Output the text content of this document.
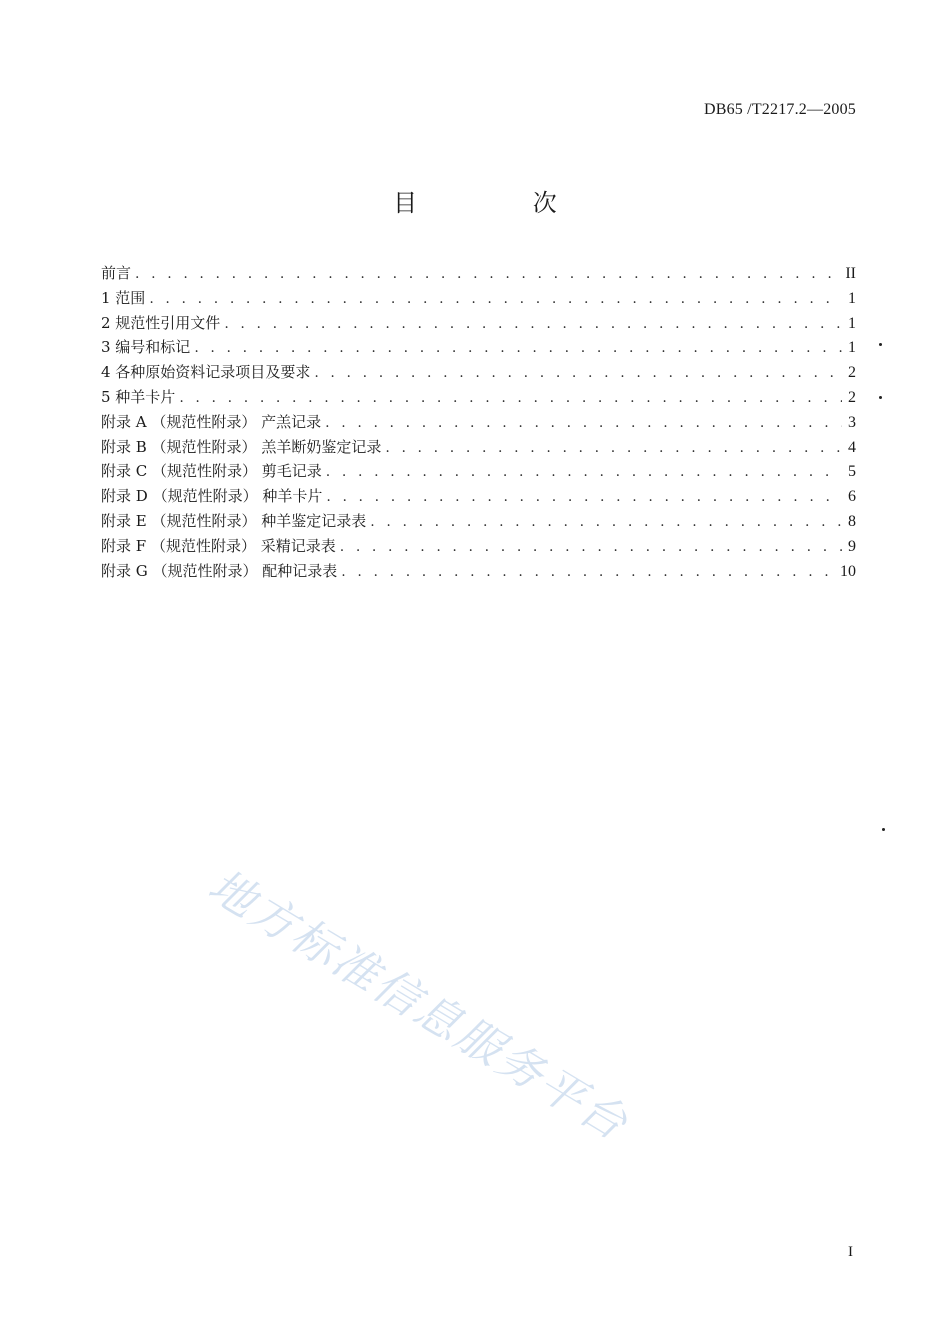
DB65 /T2217.2—2005
目 次
前言 . . .	II
1 范围 . . .	1
2 规范性引用文件 . . .	1
3 编号和标记 . . .	1
4 各种原始资料记录项目及要求 . . .	2
5 种羊卡片 . . .	2
附录 A （规范性附录） 产羔记录 . . .	3
附录 B （规范性附录） 羔羊断奶鉴定记录 . . .	4
附录 C （规范性附录） 剪毛记录 . . .	5
附录 D （规范性附录） 种羊卡片 . . .	6
附录 E （规范性附录） 种羊鉴定记录表 . . .	8
附录 F （规范性附录） 采精记录表 . . .	9
附录 G （规范性附录） 配种记录表 . . .	10
地方标准信息服务平台
I
